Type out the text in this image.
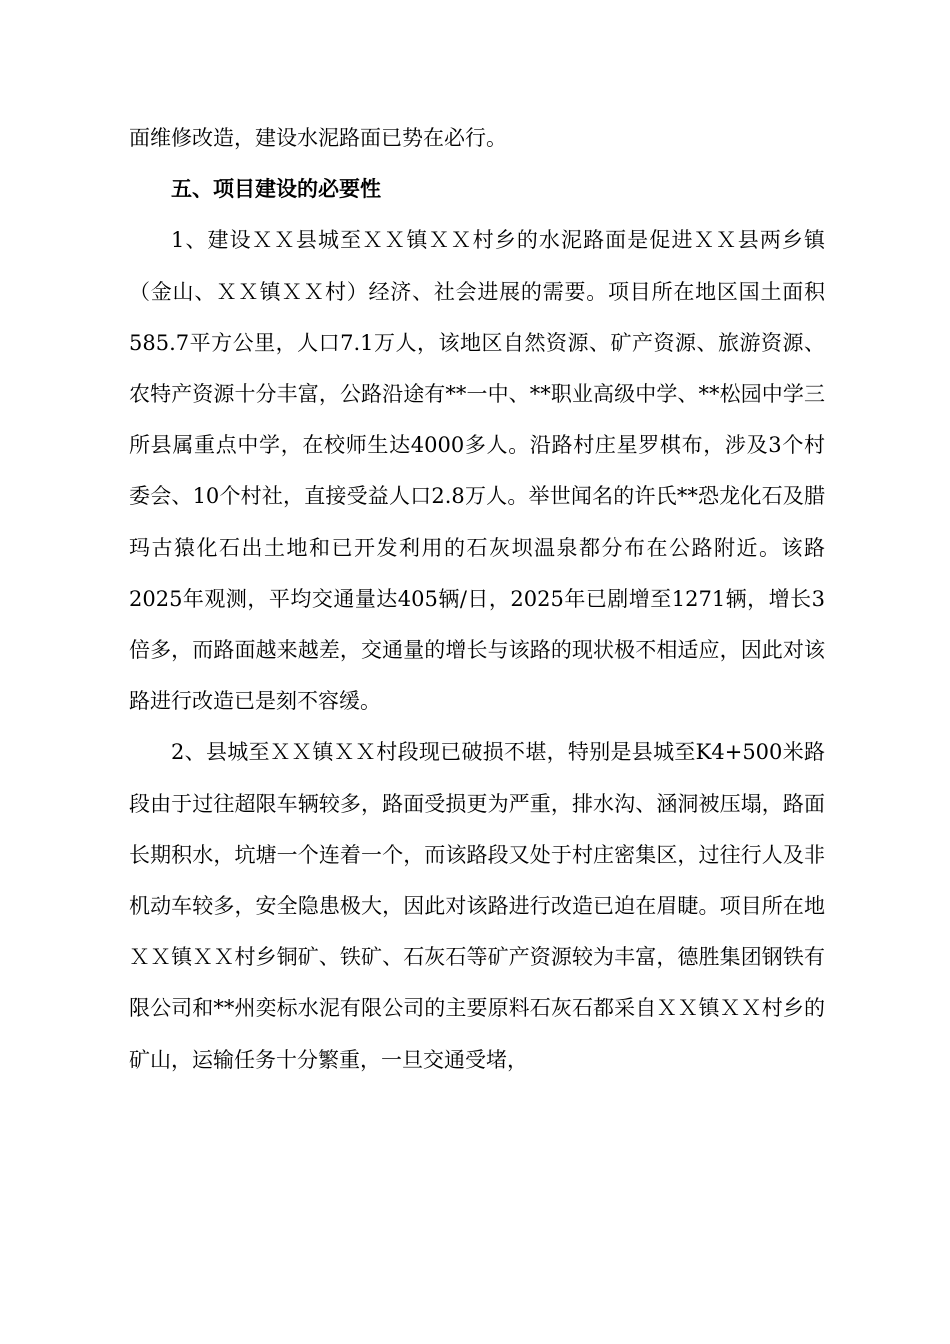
面维修改造，建设水泥路面已势在必行。

五、项目建设的必要性

1、建设ＸＸ县城至ＸＸ镇ＸＸ村乡的水泥路面是促进ＸＸ县两乡镇（金山、ＸＸ镇ＸＸ村）经济、社会进展的需要。项目所在地区国土面积585.7平方公里，人口7.1万人，该地区自然资源、矿产资源、旅游资源、农特产资源十分丰富，公路沿途有**一中、**职业高级中学、**松园中学三所县属重点中学，在校师生达4000多人。沿路村庄星罗棋布，涉及3个村委会、10个村社，直接受益人口2.8万人。举世闻名的许氏**恐龙化石及腊玛古猿化石出土地和已开发利用的石灰坝温泉都分布在公路附近。该路2025年观测，平均交通量达405辆/日，2025年已剧增至1271辆，增长3倍多，而路面越来越差，交通量的增长与该路的现状极不相适应，因此对该路进行改造已是刻不容缓。

2、县城至ＸＸ镇ＸＸ村段现已破损不堪，特别是县城至K4+500米路段由于过往超限车辆较多，路面受损更为严重，排水沟、涵洞被压塌，路面长期积水，坑塘一个连着一个，而该路段又处于村庄密集区，过往行人及非机动车较多，安全隐患极大，因此对该路进行改造已迫在眉睫。项目所在地ＸＸ镇ＸＸ村乡铜矿、铁矿、石灰石等矿产资源较为丰富，德胜集团钢铁有限公司和**州奕标水泥有限公司的主要原料石灰石都采自ＸＸ镇ＸＸ村乡的矿山，运输任务十分繁重，一旦交通受堵，
